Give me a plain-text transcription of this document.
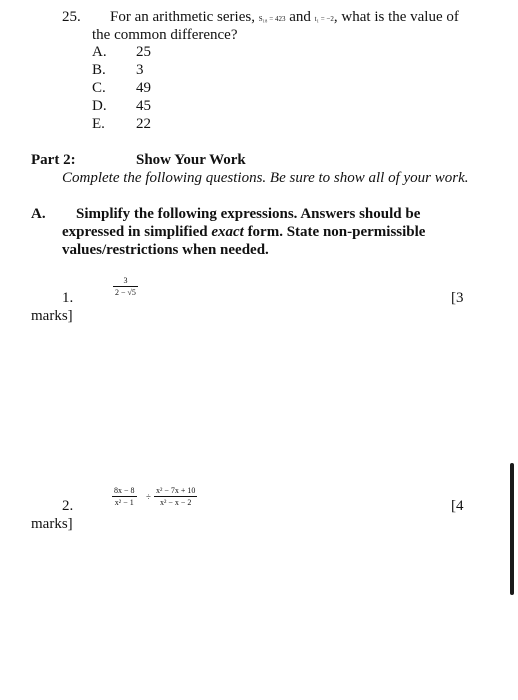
25. For an arithmetic series, S₁₈ = 423 and t₁ = −2, what is the value of
the common difference?
A. 25
B. 3
C. 49
D. 45
E. 22
Part 2:	Show Your Work
Complete the following questions. Be sure to show all of your work.
A. Simplify the following expressions. Answers should be
expressed in simplified exact form. State non-permissible
values/restrictions when needed.
1.
3
2 − √5	[3
marks]
2.
8x − 8
x² − 1
÷
x² − 7x + 10
x² − x − 2	[4
marks]
